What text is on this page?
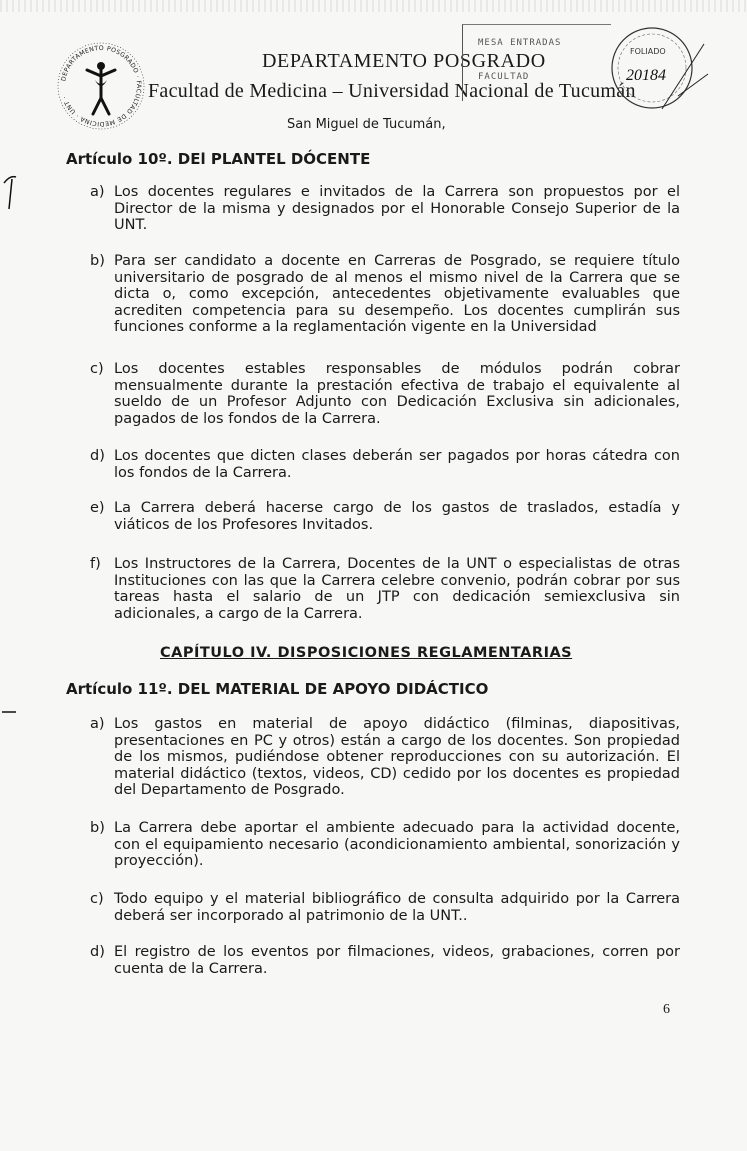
DEPARTAMENTO POSGRADO · FACULTAD DE MEDICINA · UNT ·
DEPARTAMENTO POSGRADO
Facultad de Medicina – Universidad Nacional de Tucumán
San Miguel de Tucumán,
MESA ENTRADAS
FACULTAD
FOLIADO
20184
Artículo 10º. DEl PLANTEL DÓCENTE
a) Los docentes regulares e invitados de la Carrera son propuestos por el Director de la misma y designados por el Honorable Consejo Superior de la UNT.
b) Para ser candidato a docente en Carreras de Posgrado, se requiere título universitario de posgrado de al menos el mismo nivel de la Carrera que se dicta o, como excepción, antecedentes objetivamente evaluables que acrediten competencia para su desempeño. Los docentes cumplirán sus funciones conforme a la reglamentación vigente en la Universidad
c) Los docentes estables responsables de módulos podrán cobrar mensualmente durante la prestación efectiva de trabajo el equivalente al sueldo de un Profesor Adjunto con Dedicación Exclusiva sin adicionales, pagados de los fondos de la Carrera.
d) Los docentes que dicten clases deberán ser pagados por horas cátedra con los fondos de la Carrera.
e) La Carrera deberá hacerse cargo de los gastos de traslados, estadía y viáticos de los Profesores Invitados.
f) Los Instructores de la Carrera, Docentes de la UNT o especialistas de otras Instituciones con las que la Carrera celebre convenio, podrán cobrar por sus tareas hasta el salario de un JTP con dedicación semiexclusiva sin adicionales, a cargo de la Carrera.
CAPÍTULO IV. DISPOSICIONES REGLAMENTARIAS
Artículo 11º. DEL MATERIAL DE APOYO DIDÁCTICO
a) Los gastos en material de apoyo didáctico (filminas, diapositivas, presentaciones en PC y otros) están a cargo de los docentes. Son propiedad de los mismos, pudiéndose obtener reproducciones con su autorización. El material didáctico (textos, videos, CD) cedido por los docentes es propiedad del Departamento de Posgrado.
b) La Carrera debe aportar el ambiente adecuado para la actividad docente, con el equipamiento necesario (acondicionamiento ambiental, sonorización y proyección).
c) Todo equipo y el material bibliográfico de consulta adquirido por la Carrera deberá ser incorporado al patrimonio de la UNT..
d) El registro de los eventos por filmaciones, videos, grabaciones, corren por cuenta de la Carrera.
6
